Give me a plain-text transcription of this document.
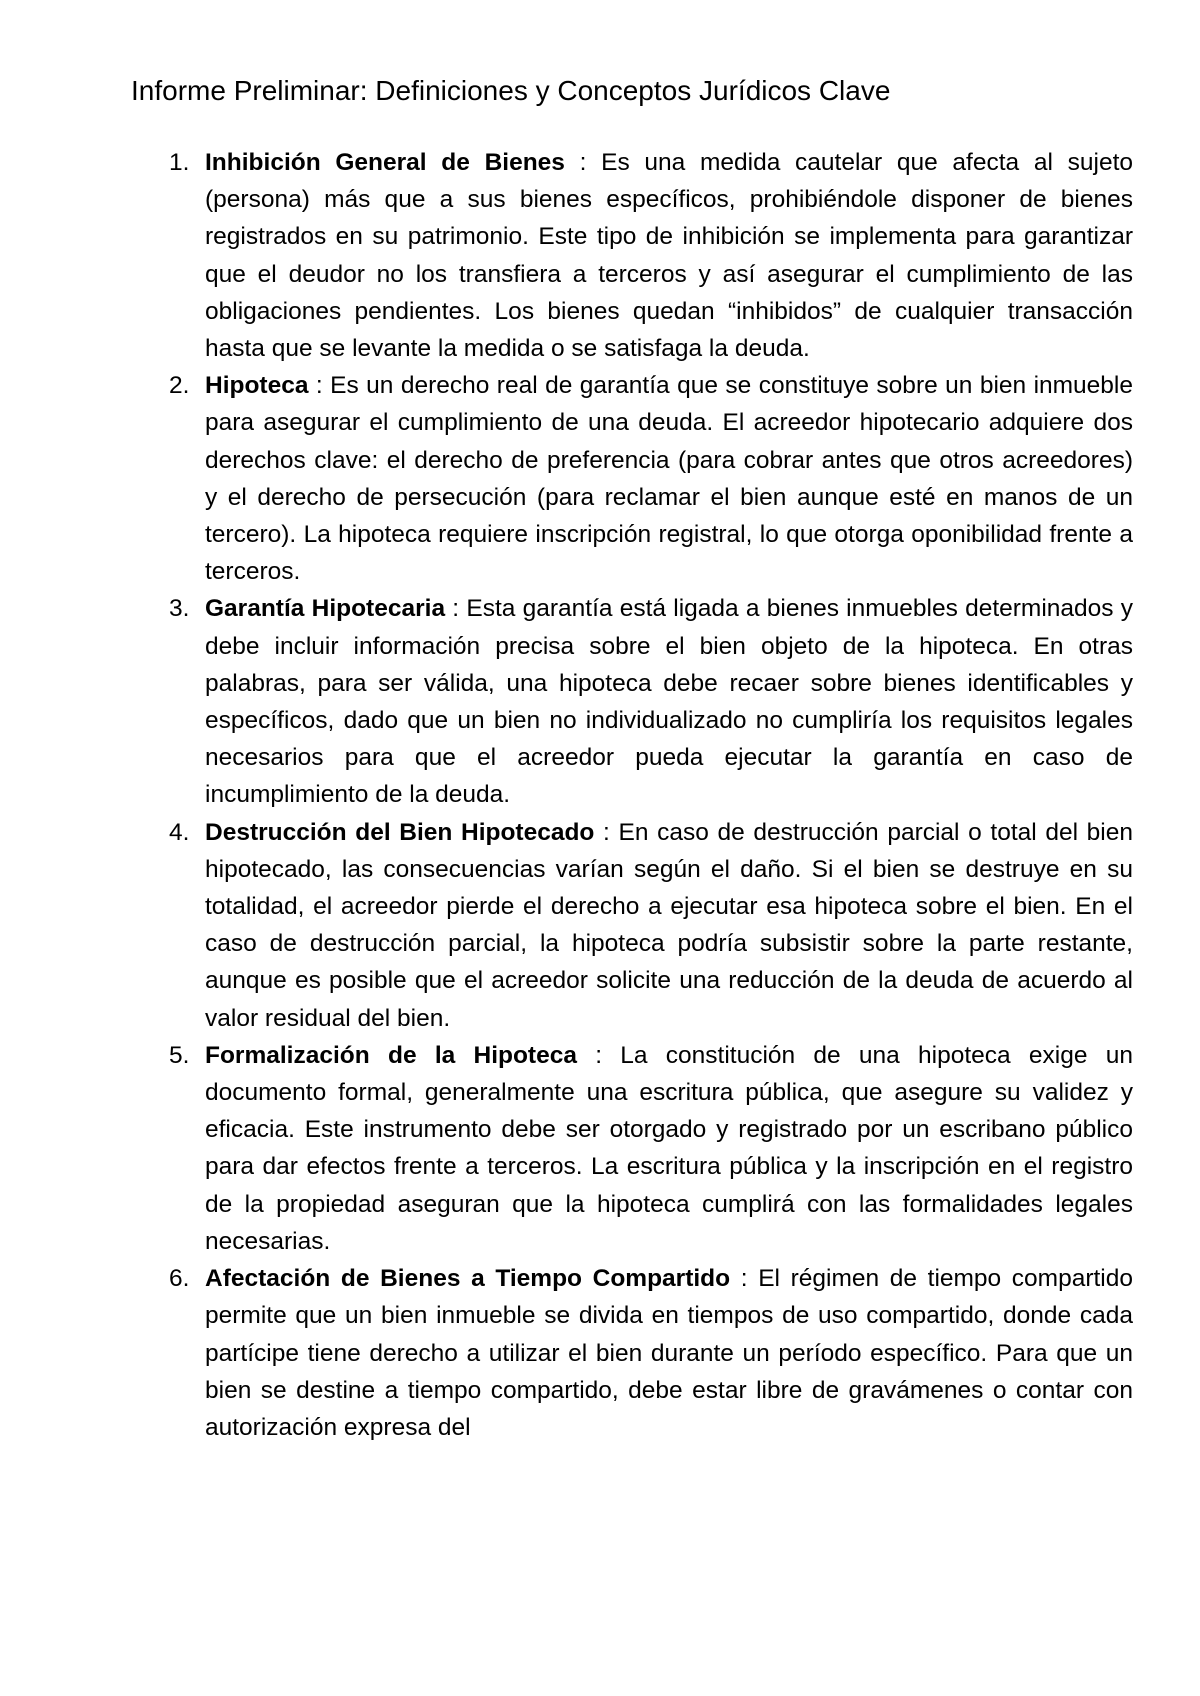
Informe Preliminar: Definiciones y Conceptos Jurídicos Clave
1. Inhibición General de Bienes : Es una medida cautelar que afecta al sujeto (persona) más que a sus bienes específicos, prohibiéndole disponer de bienes registrados en su patrimonio. Este tipo de inhibición se implementa para garantizar que el deudor no los transfiera a terceros y así asegurar el cumplimiento de las obligaciones pendientes. Los bienes quedan “inhibidos” de cualquier transacción hasta que se levante la medida o se satisfaga la deuda.
2. Hipoteca : Es un derecho real de garantía que se constituye sobre un bien inmueble para asegurar el cumplimiento de una deuda. El acreedor hipotecario adquiere dos derechos clave: el derecho de preferencia (para cobrar antes que otros acreedores) y el derecho de persecución (para reclamar el bien aunque esté en manos de un tercero). La hipoteca requiere inscripción registral, lo que otorga oponibilidad frente a terceros.
3. Garantía Hipotecaria : Esta garantía está ligada a bienes inmuebles determinados y debe incluir información precisa sobre el bien objeto de la hipoteca. En otras palabras, para ser válida, una hipoteca debe recaer sobre bienes identificables y específicos, dado que un bien no individualizado no cumpliría los requisitos legales necesarios para que el acreedor pueda ejecutar la garantía en caso de incumplimiento de la deuda.
4. Destrucción del Bien Hipotecado : En caso de destrucción parcial o total del bien hipotecado, las consecuencias varían según el daño. Si el bien se destruye en su totalidad, el acreedor pierde el derecho a ejecutar esa hipoteca sobre el bien. En el caso de destrucción parcial, la hipoteca podría subsistir sobre la parte restante, aunque es posible que el acreedor solicite una reducción de la deuda de acuerdo al valor residual del bien.
5. Formalización de la Hipoteca : La constitución de una hipoteca exige un documento formal, generalmente una escritura pública, que asegure su validez y eficacia. Este instrumento debe ser otorgado y registrado por un escribano público para dar efectos frente a terceros. La escritura pública y la inscripción en el registro de la propiedad aseguran que la hipoteca cumplirá con las formalidades legales necesarias.
6. Afectación de Bienes a Tiempo Compartido : El régimen de tiempo compartido permite que un bien inmueble se divida en tiempos de uso compartido, donde cada partícipe tiene derecho a utilizar el bien durante un período específico. Para que un bien se destine a tiempo compartido, debe estar libre de gravámenes o contar con autorización expresa del
